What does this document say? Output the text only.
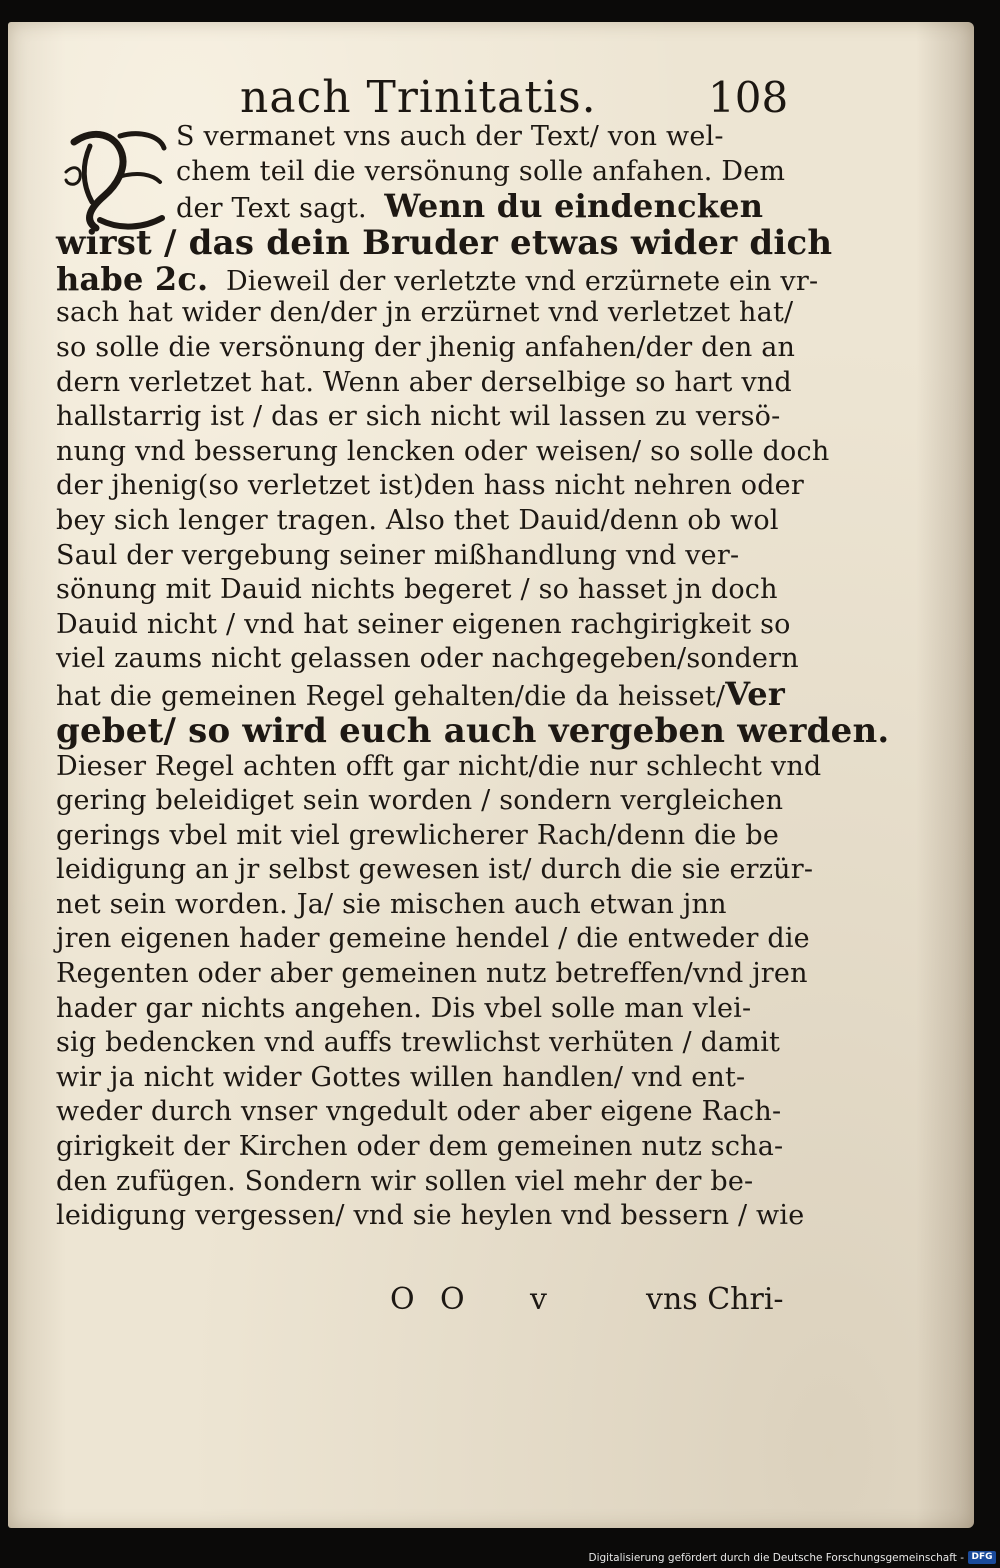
nach Trinitatis.	108
S vermanet vns auch der Text/ von wel-
chem teil die versönung solle anfahen. Dem
der Text sagt. Wenn du eindencken
wirst / das dein Bruder etwas wider dich
habe 2c. Dieweil der verletzte vnd erzürnete ein vr-
sach hat wider den/der jn erzürnet vnd verletzet hat/
so solle die versönung der jhenig anfahen/der den an
dern verletzet hat. Wenn aber derselbige so hart vnd
hallstarrig ist / das er sich nicht wil lassen zu versö-
nung vnd besserung lencken oder weisen/ so solle doch
der jhenig(so verletzet ist)den hass nicht nehren oder
bey sich lenger tragen. Also thet Dauid/denn ob wol
Saul der vergebung seiner mißhandlung vnd ver-
sönung mit Dauid nichts begeret / so hasset jn doch
Dauid nicht / vnd hat seiner eigenen rachgirigkeit so
viel zaums nicht gelassen oder nachgegeben/sondern
hat die gemeinen Regel gehalten/die da heisset/Ver
gebet/ so wird euch auch vergeben werden.
Dieser Regel achten offt gar nicht/die nur schlecht vnd
gering beleidiget sein worden / sondern vergleichen
gerings vbel mit viel grewlicherer Rach/denn die be
leidigung an jr selbst gewesen ist/ durch die sie erzür-
net sein worden. Ja/ sie mischen auch etwan jnn
jren eigenen hader gemeine hendel / die entweder die
Regenten oder aber gemeinen nutz betreffen/vnd jren
hader gar nichts angehen. Dis vbel solle man vlei-
sig bedencken vnd auffs trewlichst verhüten / damit
wir ja nicht wider Gottes willen handlen/ vnd ent-
weder durch vnser vngedult oder aber eigene Rach-
girigkeit der Kirchen oder dem gemeinen nutz scha-
den zufügen. Sondern wir sollen viel mehr der be-
leidigung vergessen/ vnd sie heylen vnd bessern / wie
O O v	vns Chri-
Digitalisierung gefördert durch die Deutsche Forschungsgemeinschaft - DFG
